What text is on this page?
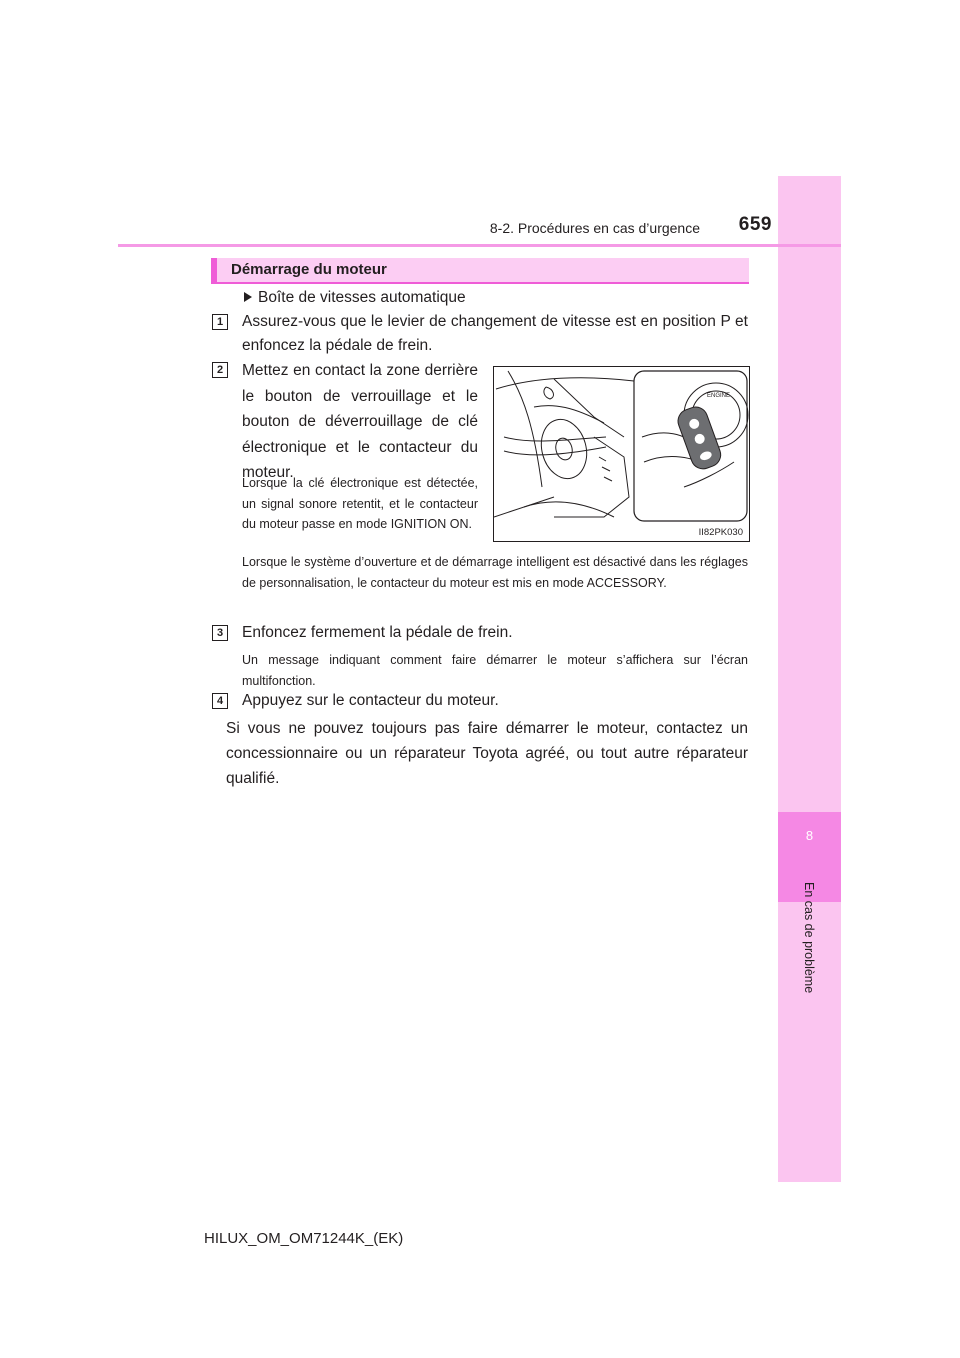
8
En cas de problème
8-2. Procédures en cas d’urgence	659
Démarrage du moteur
Boîte de vitesses automatique
1	Assurez-vous que le levier de changement de vitesse est en position P et enfoncez la pédale de frein.
2	Mettez en contact la zone derrière le bouton de verrouillage et le bouton de déverrouillage de clé électronique et le contacteur du moteur.
Lorsque la clé électronique est détectée, un signal sonore retentit, et le contacteur du moteur passe en mode IGNITION ON.
Lorsque le système d’ouverture et de démarrage intelligent est désactivé dans les réglages de personnalisation, le contacteur du moteur est mis en mode ACCESSORY.
ENGINE
II82PK030
3	Enfoncez fermement la pédale de frein.
Un message indiquant comment faire démarrer le moteur s’affichera sur l’écran multifonction.
4	Appuyez sur le contacteur du moteur.
Si vous ne pouvez toujours pas faire démarrer le moteur, contactez un concessionnaire ou un réparateur Toyota agréé, ou tout autre réparateur qualifié.
HILUX_OM_OM71244K_(EK)
